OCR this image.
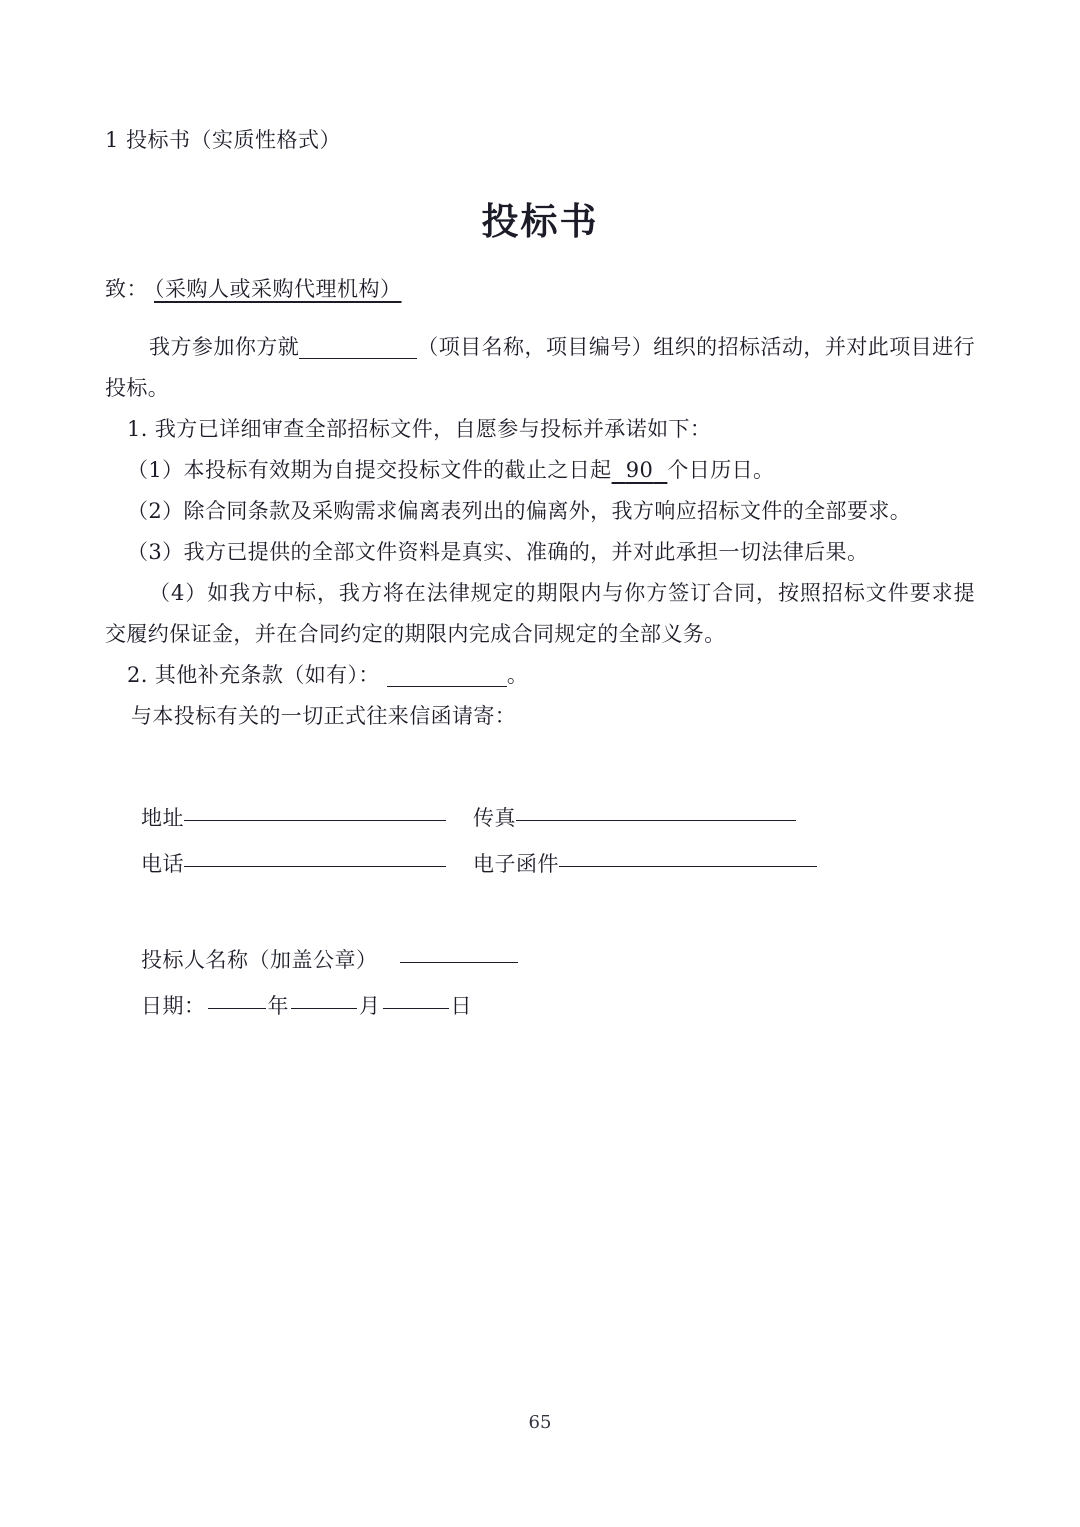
1 投标书（实质性格式）
投标书
致： （采购人或采购代理机构）
我方参加你方就	（项目名称，项目编号）组织的招标活动，并对此项目进行投标。
1. 我方已详细审查全部招标文件，自愿参与投标并承诺如下：
（1）本投标有效期为自提交投标文件的截止之日起 90 个日历日。
（2）除合同条款及采购需求偏离表列出的偏离外，我方响应招标文件的全部要求。
（3）我方已提供的全部文件资料是真实、准确的，并对此承担一切法律后果。
（4）如我方中标，我方将在法律规定的期限内与你方签订合同，按照招标文件要求提交履约保证金，并在合同约定的期限内完成合同规定的全部义务。
2. 其他补充条款（如有）：	。
与本投标有关的一切正式往来信函请寄：
地址	传真
电话	电子函件
投标人名称（加盖公章）
日期：	年	月	日
65
